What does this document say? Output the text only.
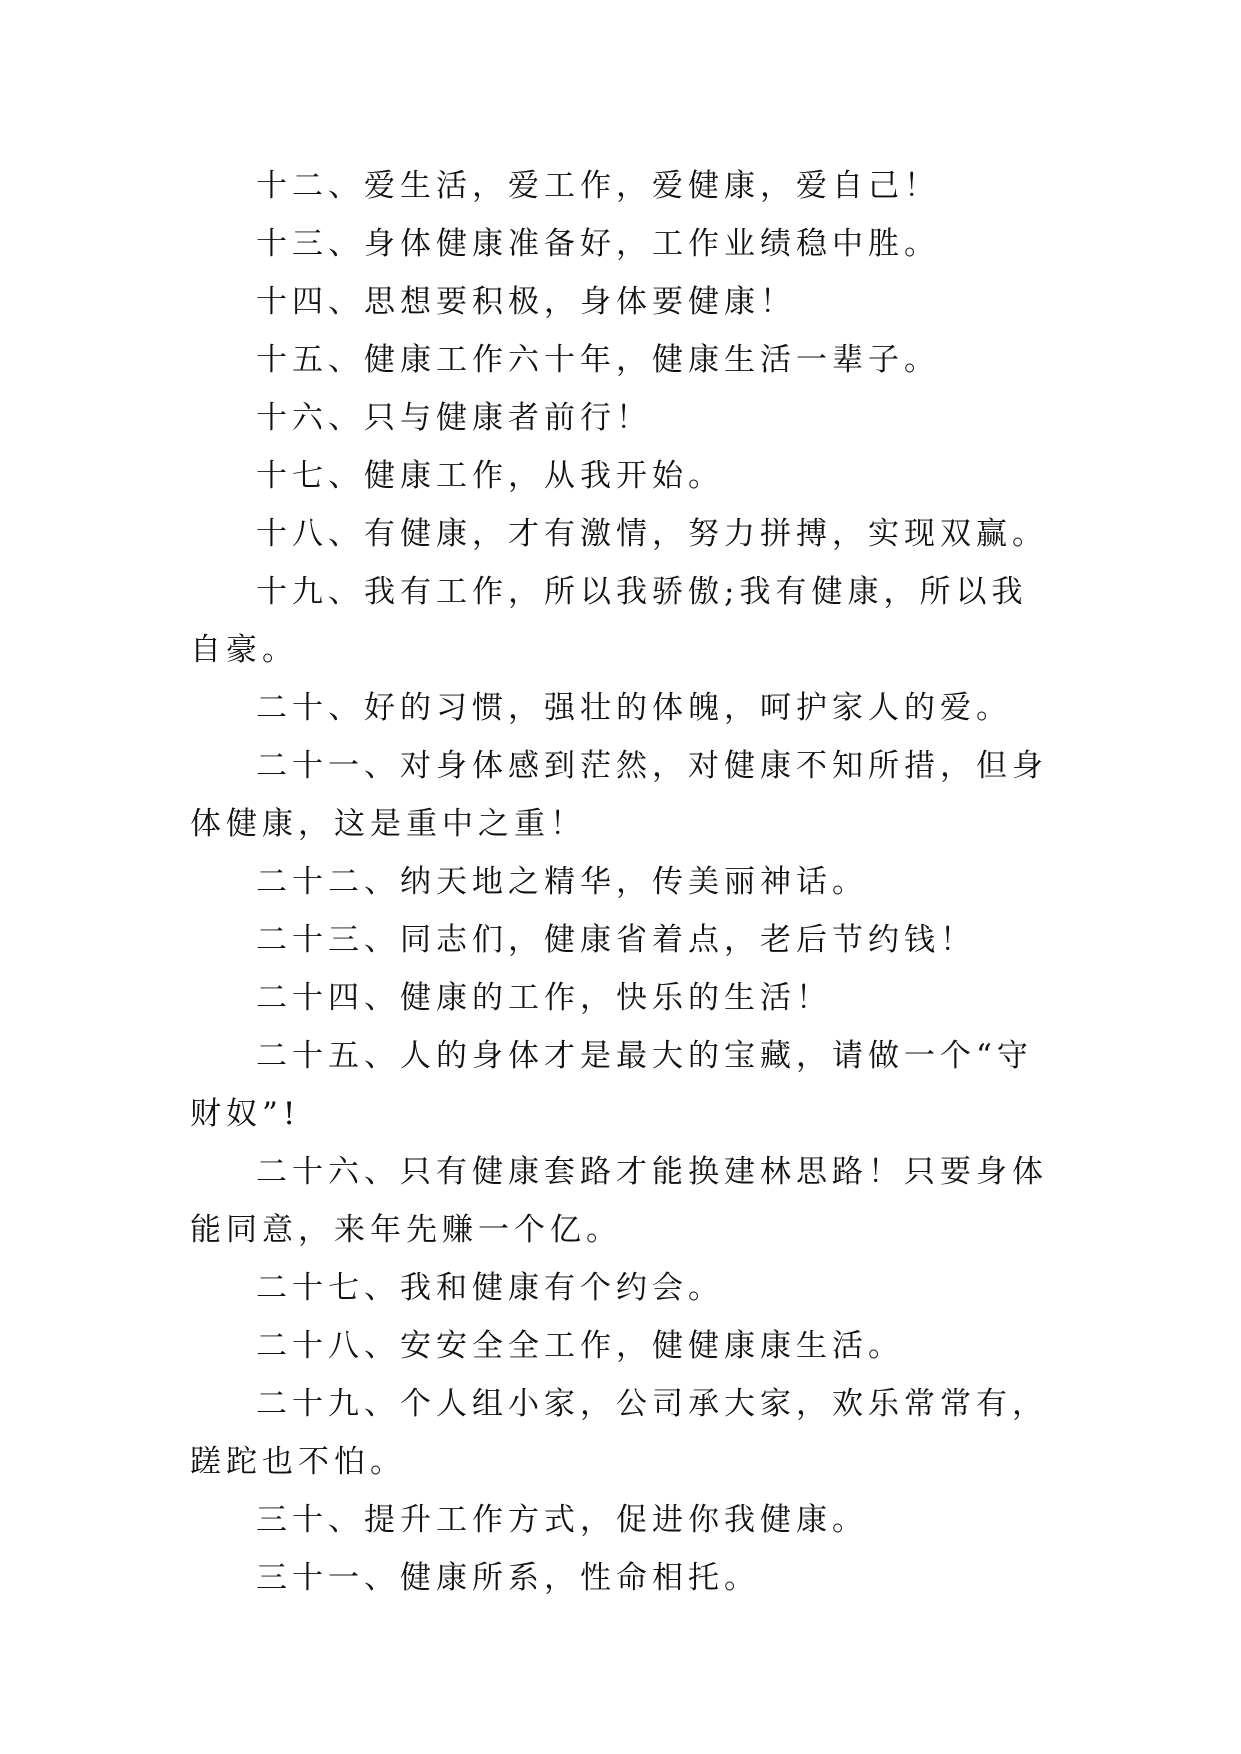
十二、爱生活，爱工作，爱健康，爱自己！

十三、身体健康准备好，工作业绩稳中胜。

十四、思想要积极，身体要健康！

十五、健康工作六十年，健康生活一辈子。

十六、只与健康者前行！

十七、健康工作，从我开始。

十八、有健康，才有激情，努力拼搏，实现双赢。

十九、我有工作，所以我骄傲;我有健康，所以我自豪。

二十、好的习惯，强壮的体魄，呵护家人的爱。

二十一、对身体感到茫然，对健康不知所措，但身体健康，这是重中之重！

二十二、纳天地之精华，传美丽神话。

二十三、同志们，健康省着点，老后节约钱！

二十四、健康的工作，快乐的生活！

二十五、人的身体才是最大的宝藏，请做一个“守财奴”!

二十六、只有健康套路才能换建林思路！只要身体能同意，来年先赚一个亿。

二十七、我和健康有个约会。

二十八、安安全全工作，健健康康生活。

二十九、个人组小家，公司承大家，欢乐常常有，蹉跎也不怕。

三十、提升工作方式，促进你我健康。

三十一、健康所系，性命相托。
